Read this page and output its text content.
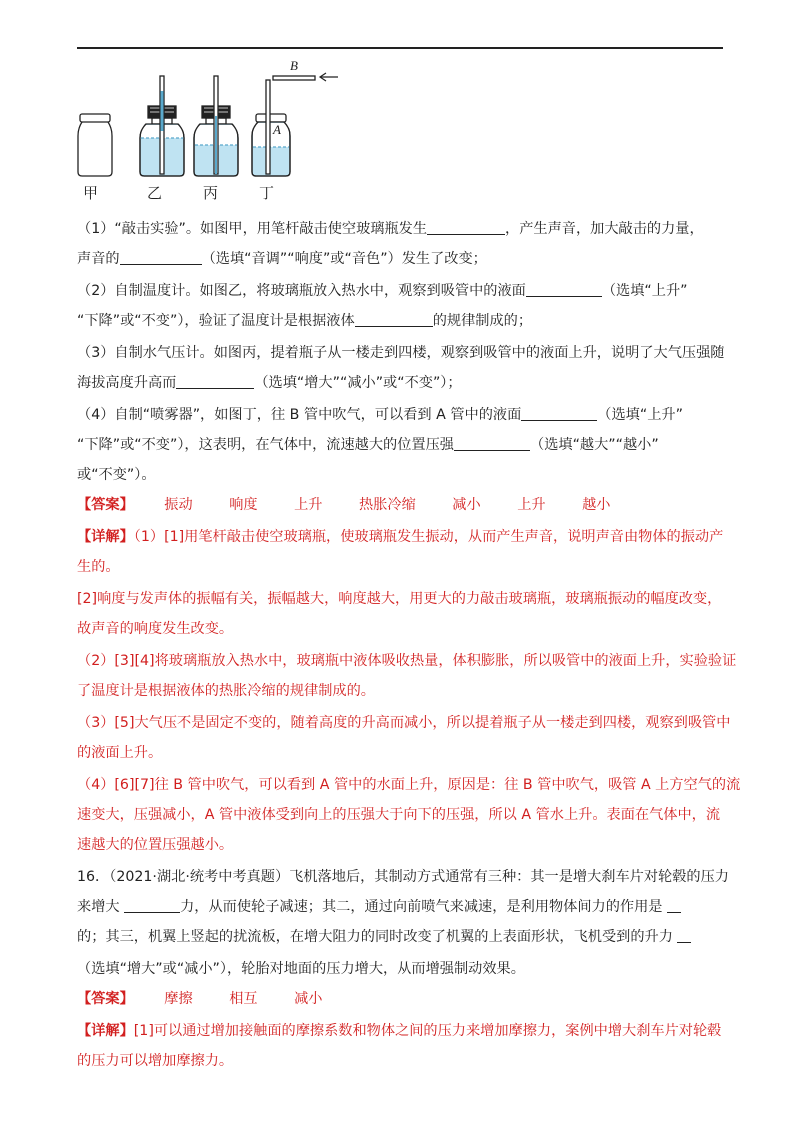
B
A
甲	乙	丙	丁
（1）“敲击实验”。如图甲，用笔杆敲击使空玻璃瓶发生	，产生声音，加大敲击的力量，
声音的	（选填“音调”“响度”或“音色”）发生了改变；
（2）自制温度计。如图乙，将玻璃瓶放入热水中，观察到吸管中的液面	（选填“上升”
“下降”或“不变”），验证了温度计是根据液体	的规律制成的；
（3）自制水气压计。如图丙，提着瓶子从一楼走到四楼，观察到吸管中的液面上升，说明了大气压强随
海拔高度升高而	（选填“增大”“减小”或“不变”）；
（4）自制“喷雾器”，如图丁，往 B 管中吹气，可以看到 A 管中的液面	（选填“上升”
“下降”或“不变”），这表明，在气体中，流速越大的位置压强	（选填“越大”“越小”
或“不变”）。
【答案】 振动	响度	上升	热胀冷缩	减小	上升	越小
【详解】（1）[1]用笔杆敲击使空玻璃瓶，使玻璃瓶发生振动，从而产生声音，说明声音由物体的振动产
生的。
[2]响度与发声体的振幅有关，振幅越大，响度越大，用更大的力敲击玻璃瓶，玻璃瓶振动的幅度改变，
故声音的响度发生改变。
（2）[3][4]将玻璃瓶放入热水中，玻璃瓶中液体吸收热量，体积膨胀，所以吸管中的液面上升，实验验证
了温度计是根据液体的热胀冷缩的规律制成的。
（3）[5]大气压不是固定不变的，随着高度的升高而减小，所以提着瓶子从一楼走到四楼，观察到吸管中
的液面上升。
（4）[6][7]往 B 管中吹气，可以看到 A 管中的水面上升，原因是：往 B 管中吹气，吸管 A 上方空气的流
速变大，压强减小，A 管中液体受到向上的压强大于向下的压强，所以 A 管水上升。表面在气体中，流
速越大的位置压强越小。
16．（2021·湖北·统考中考真题）飞机落地后，其制动方式通常有三种：其一是增大刹车片对轮毂的压力
来增大	力，从而使轮子减速；其二，通过向前喷气来减速，是利用物体间力的作用是
的；其三，机翼上竖起的扰流板，在增大阻力的同时改变了机翼的上表面形状，飞机受到的升力
（选填“增大”或“减小”），轮胎对地面的压力增大，从而增强制动效果。
【答案】 摩擦	相互	减小
【详解】[1]可以通过增加接触面的摩擦系数和物体之间的压力来增加摩擦力，案例中增大刹车片对轮毂
的压力可以增加摩擦力。
